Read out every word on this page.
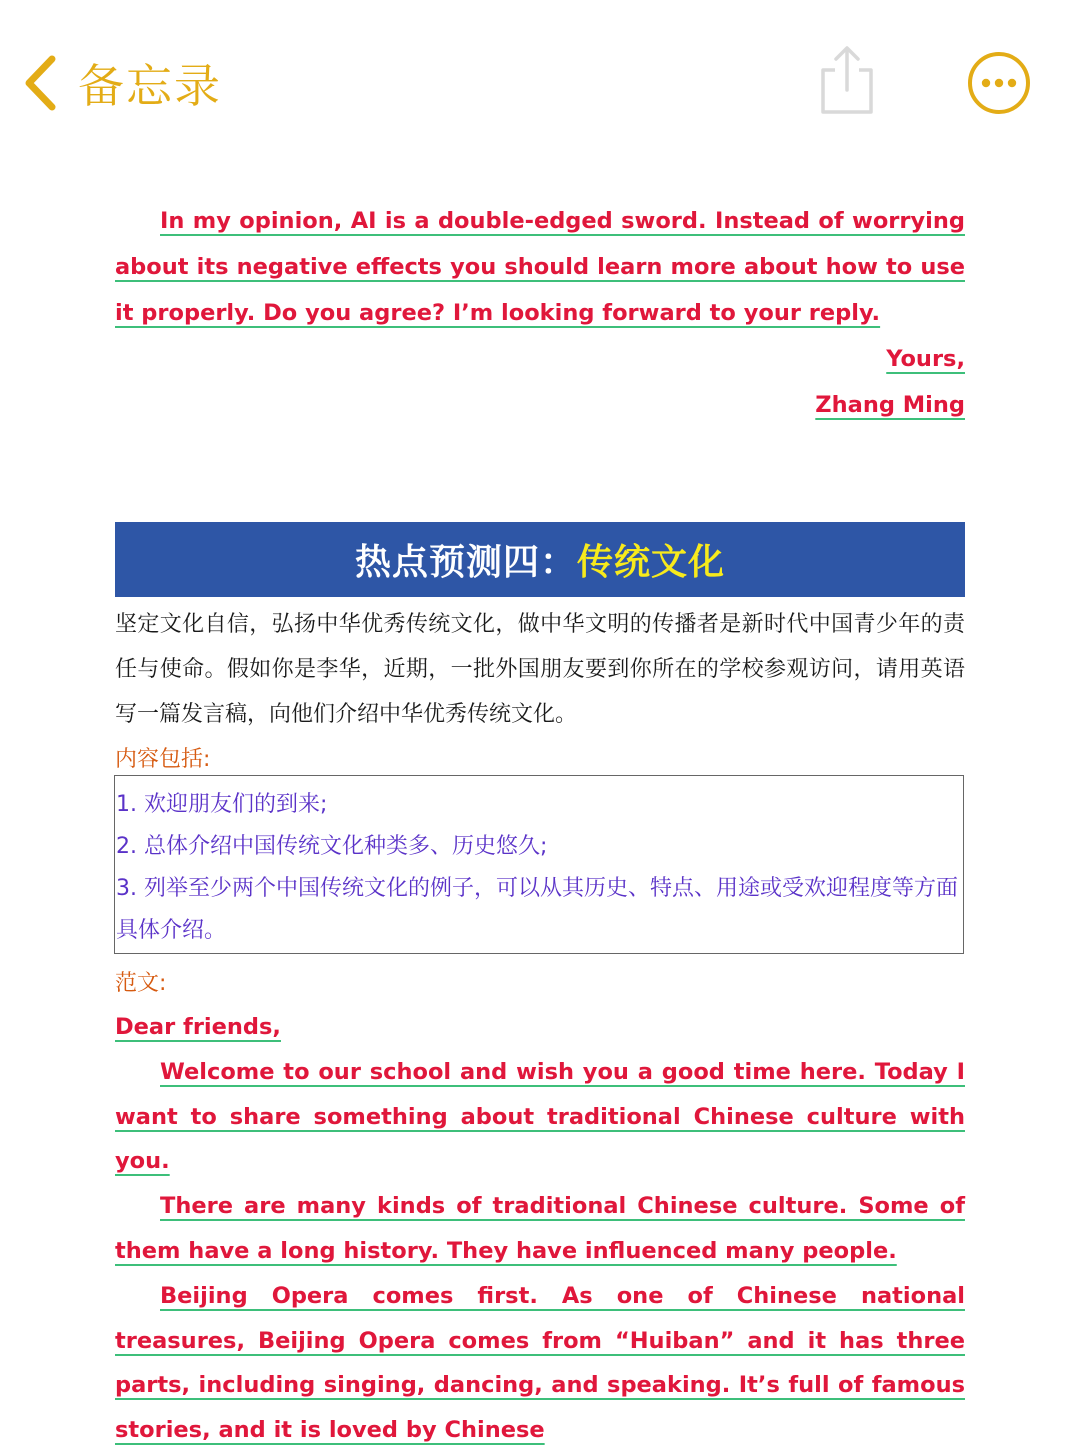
备忘录

In my opinion, AI is a double-edged sword. Instead of worrying about its negative effects you should learn more about how to use it properly. Do you agree? I’m looking forward to your reply.

Yours,

Zhang Ming

热点预测四： 传统文化

坚定文化自信，弘扬中华优秀传统文化，做中华文明的传播者是新时代中国青少年的责任与使命。假如你是李华，近期，一批外国朋友要到你所在的学校参观访问，请用英语写一篇发言稿，向他们介绍中华优秀传统文化。

内容包括:
1. 欢迎朋友们的到来;
2. 总体介绍中国传统文化种类多、历史悠久;
3. 列举至少两个中国传统文化的例子，可以从其历史、特点、用途或受欢迎程度等方面
具体介绍。
范文:

Dear friends,

Welcome to our school and wish you a good time here. Today I want to share something about traditional Chinese culture with you.

There are many kinds of traditional Chinese culture. Some of them have a long history. They have influenced many people.

Beijing Opera comes first. As one of Chinese national treasures, Beijing Opera comes from “Huiban” and it has three parts, including singing, dancing, and speaking. It’s full of famous stories, and it is loved by Chinese
